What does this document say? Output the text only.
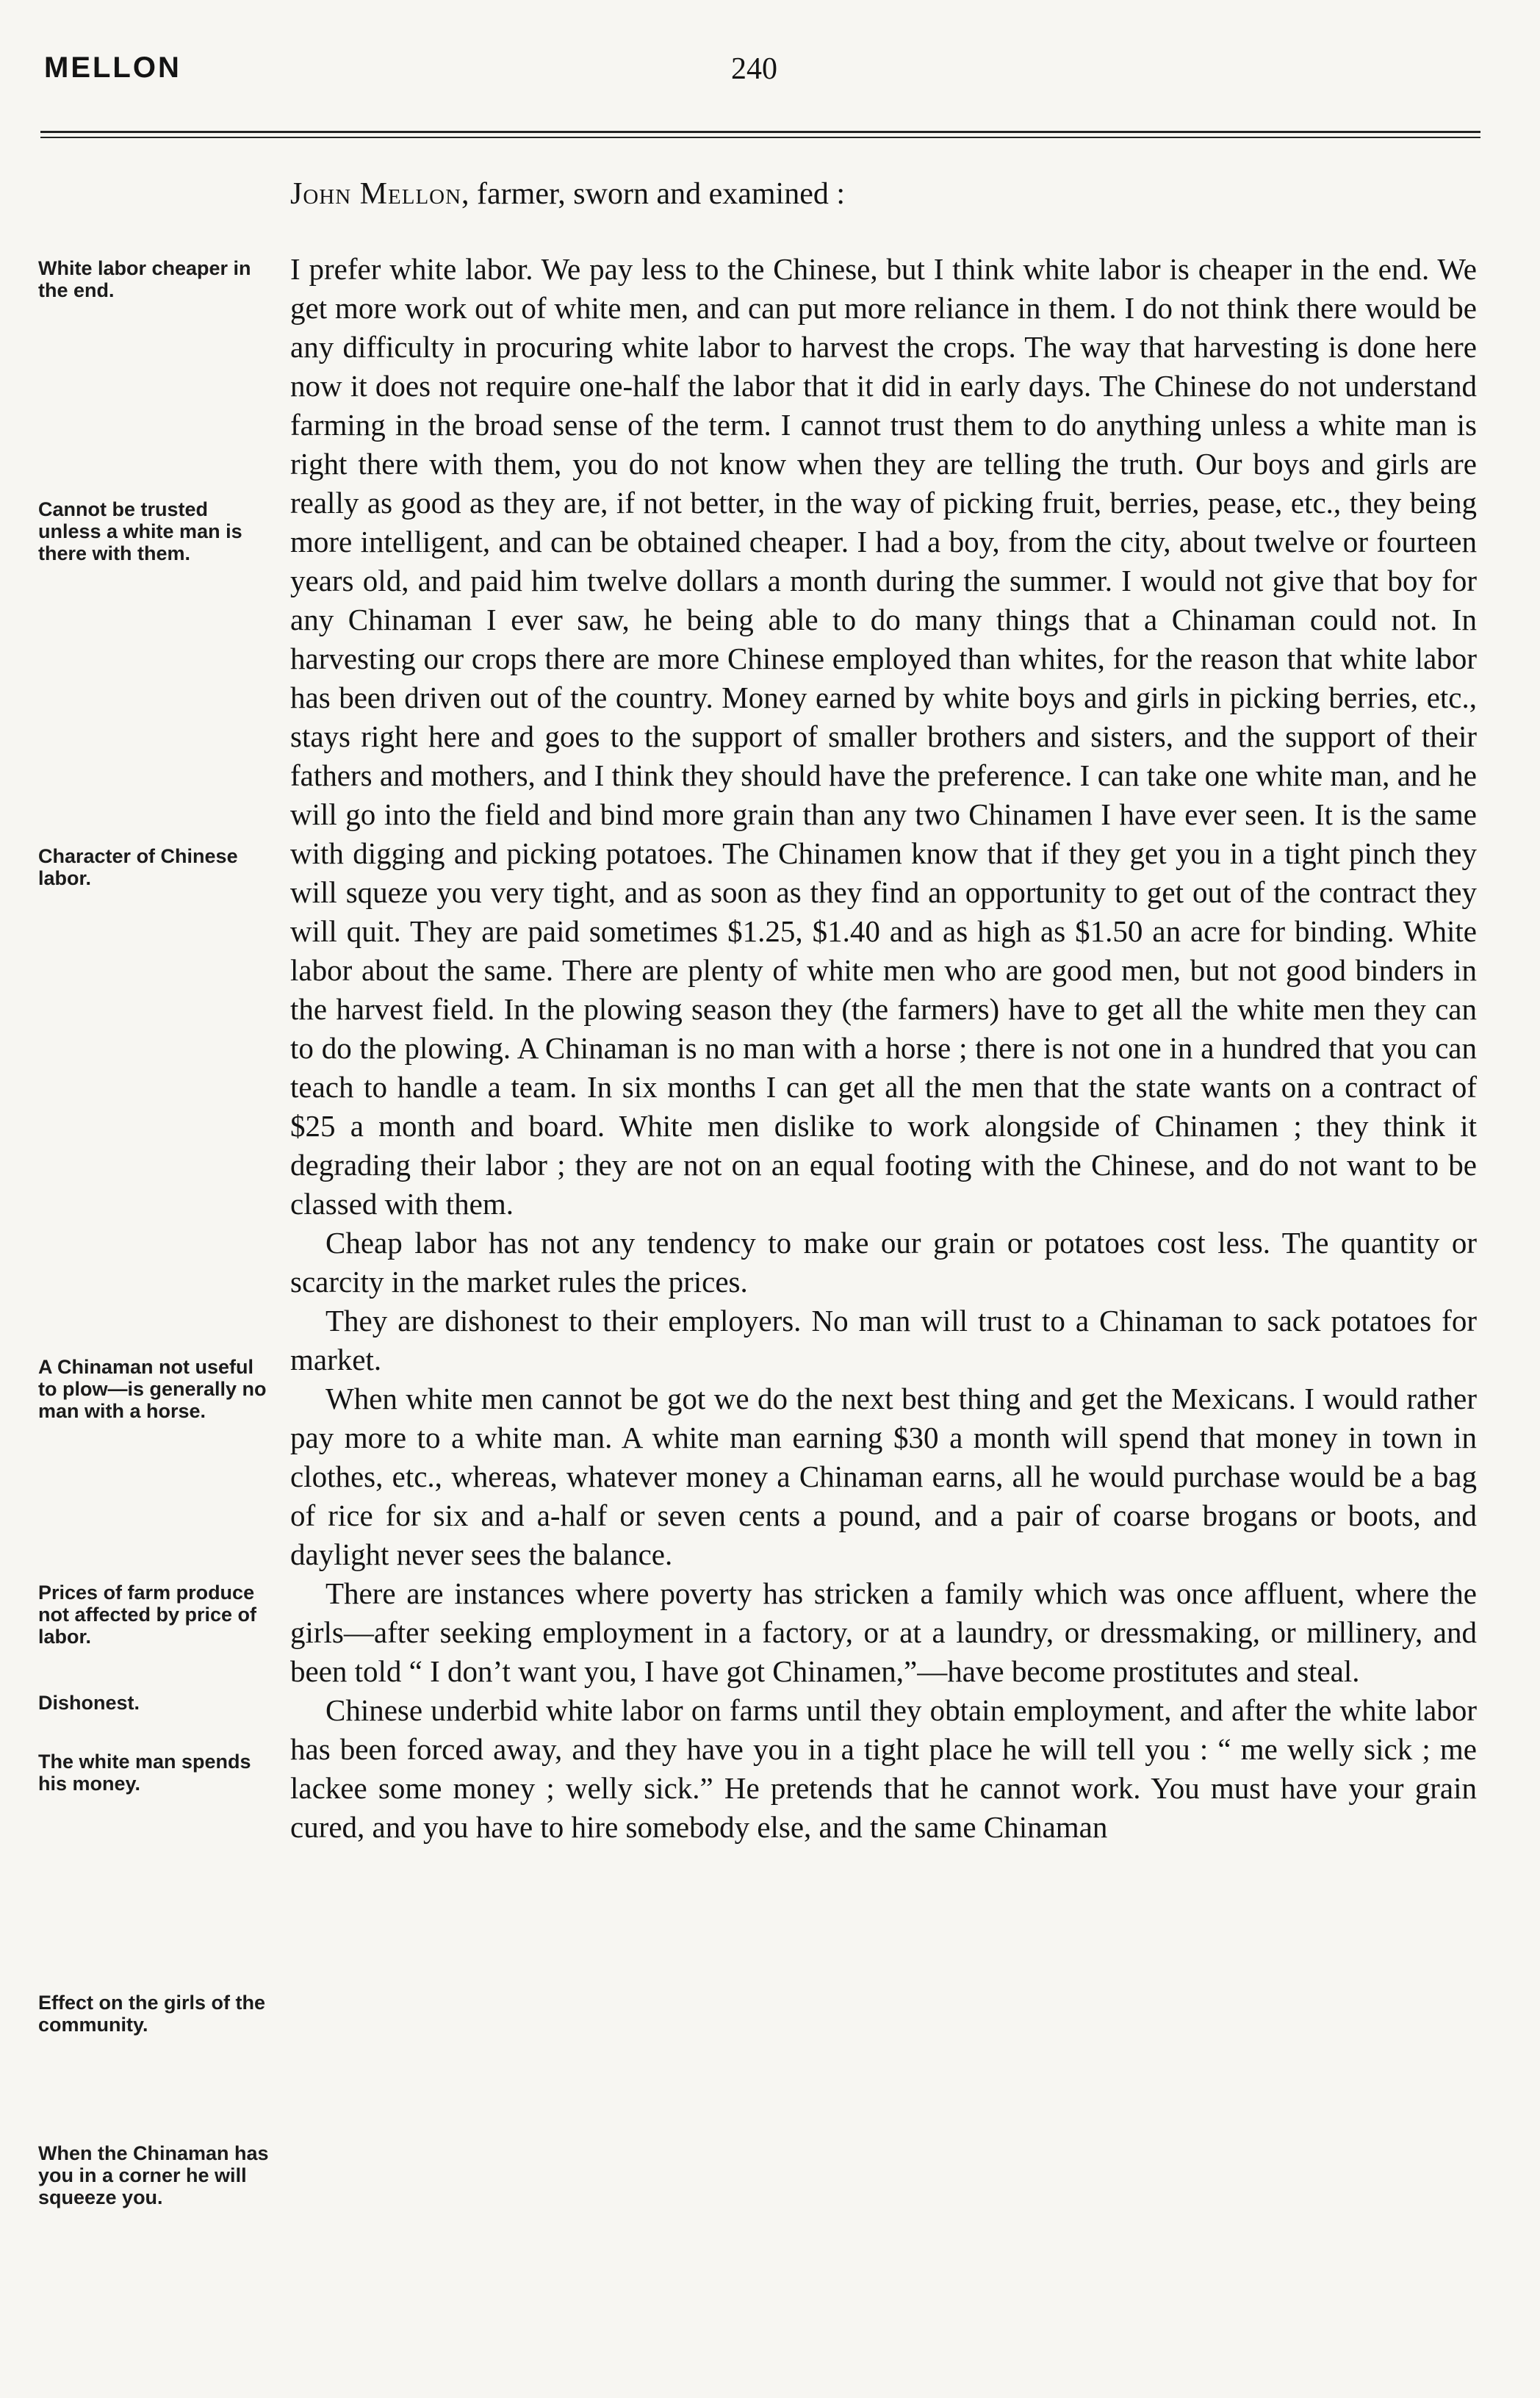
MELLON	240
John Mellon, farmer, sworn and examined :
White labor cheaper in the end.
Cannot be trusted unless a white man is there with them.
Character of Chinese labor.
A Chinaman not useful to plow—is generally no man with a horse.
Prices of farm produce not affected by price of labor.
Dishonest.
The white man spends his money.
Effect on the girls of the community.
When the Chinaman has you in a corner he will squeeze you.

I prefer white labor. We pay less to the Chinese, but I think white labor is cheaper in the end. We get more work out of white men, and can put more reliance in them. I do not think there would be any difficulty in procuring white labor to harvest the crops. The way that harvesting is done here now it does not require one-half the labor that it did in early days. The Chinese do not understand farming in the broad sense of the term. I cannot trust them to do anything unless a white man is right there with them, you do not know when they are telling the truth. Our boys and girls are really as good as they are, if not better, in the way of picking fruit, berries, pease, etc., they being more intelligent, and can be obtained cheaper. I had a boy, from the city, about twelve or fourteen years old, and paid him twelve dollars a month during the summer. I would not give that boy for any Chinaman I ever saw, he being able to do many things that a Chinaman could not. In harvesting our crops there are more Chinese employed than whites, for the reason that white labor has been driven out of the country. Money earned by white boys and girls in picking berries, etc., stays right here and goes to the support of smaller brothers and sisters, and the support of their fathers and mothers, and I think they should have the preference. I can take one white man, and he will go into the field and bind more grain than any two Chinamen I have ever seen. It is the same with digging and picking potatoes. The Chinamen know that if they get you in a tight pinch they will squeze you very tight, and as soon as they find an opportunity to get out of the contract they will quit. They are paid sometimes $1.25, $1.40 and as high as $1.50 an acre for binding. White labor about the same. There are plenty of white men who are good men, but not good binders in the harvest field. In the plowing season they (the farmers) have to get all the white men they can to do the plowing. A Chinaman is no man with a horse ; there is not one in a hundred that you can teach to handle a team. In six months I can get all the men that the state wants on a contract of $25 a month and board. White men dislike to work alongside of Chinamen ; they think it degrading their labor ; they are not on an equal footing with the Chinese, and do not want to be classed with them.

Cheap labor has not any tendency to make our grain or potatoes cost less. The quantity or scarcity in the market rules the prices.

They are dishonest to their employers. No man will trust to a Chinaman to sack potatoes for market.

When white men cannot be got we do the next best thing and get the Mexicans. I would rather pay more to a white man. A white man earning $30 a month will spend that money in town in clothes, etc., whereas, whatever money a Chinaman earns, all he would purchase would be a bag of rice for six and a-half or seven cents a pound, and a pair of coarse brogans or boots, and daylight never sees the balance.

There are instances where poverty has stricken a family which was once affluent, where the girls—after seeking employment in a factory, or at a laundry, or dressmaking, or millinery, and been told “ I don’t want you, I have got Chinamen,”—have become prostitutes and steal.

Chinese underbid white labor on farms until they obtain employment, and after the white labor has been forced away, and they have you in a tight place he will tell you : “ me welly sick ; me lackee some money ; welly sick.” He pretends that he cannot work. You must have your grain cured, and you have to hire somebody else, and the same Chinaman
